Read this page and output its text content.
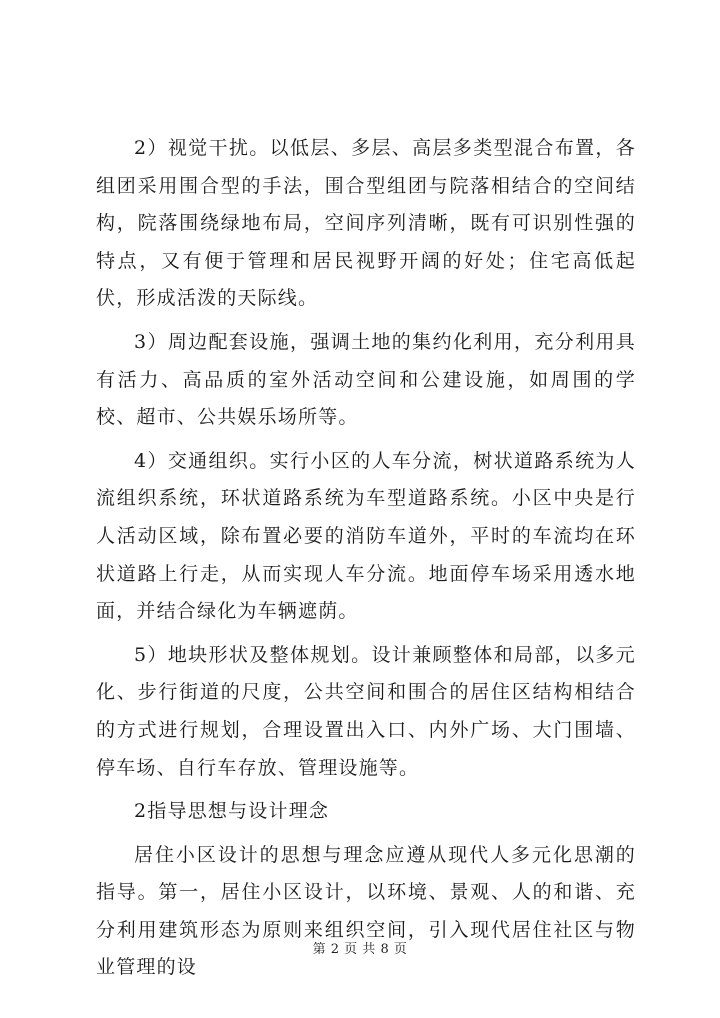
2）视觉干扰。以低层、多层、高层多类型混合布置，各组团采用围合型的手法，围合型组团与院落相结合的空间结构，院落围绕绿地布局，空间序列清晰，既有可识别性强的特点，又有便于管理和居民视野开阔的好处；住宅高低起伏，形成活泼的天际线。

3）周边配套设施，强调土地的集约化利用，充分利用具有活力、高品质的室外活动空间和公建设施，如周围的学校、超市、公共娱乐场所等。

4）交通组织。实行小区的人车分流，树状道路系统为人流组织系统，环状道路系统为车型道路系统。小区中央是行人活动区域，除布置必要的消防车道外，平时的车流均在环状道路上行走，从而实现人车分流。地面停车场采用透水地面，并结合绿化为车辆遮荫。

5）地块形状及整体规划。设计兼顾整体和局部，以多元化、步行街道的尺度，公共空间和围合的居住区结构相结合的方式进行规划，合理设置出入口、内外广场、大门围墙、停车场、自行车存放、管理设施等。

2指导思想与设计理念

居住小区设计的思想与理念应遵从现代人多元化思潮的指导。第一，居住小区设计，以环境、景观、人的和谐、充分利用建筑形态为原则来组织空间，引入现代居住社区与物业管理的设

第 2 页 共 8 页
